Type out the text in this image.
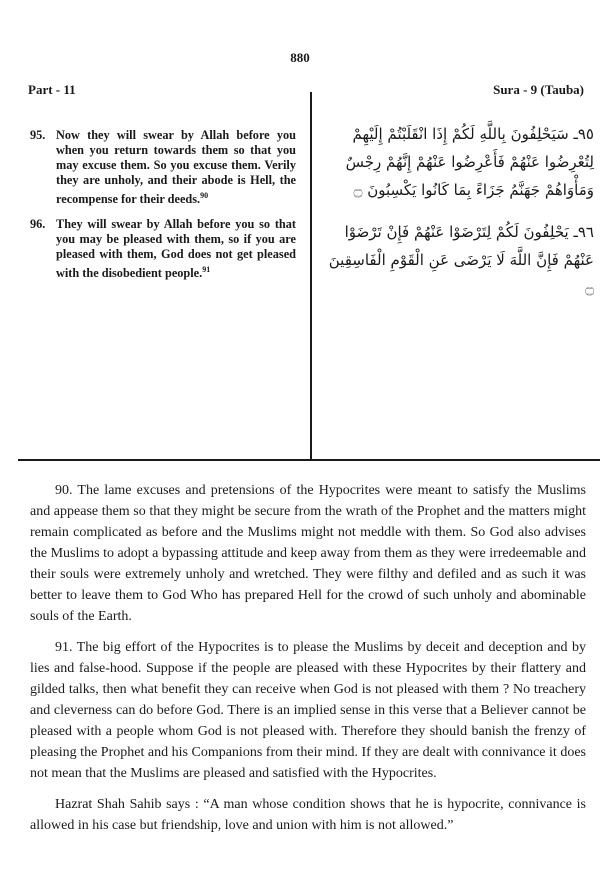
880
Part - 11	Sura - 9 (Tauba)
95. Now they will swear by Allah before you when you return towards them so that you may excuse them. So you excuse them. Verily they are unholy, and their abode is Hell, the recompense for their deeds.$^{90}$
96. They will swear by Allah before you so that you may be pleased with them, so if you are pleased with them, God does not get pleased with the disobedient people.$^{91}$
٩٥ـ سَيَحْلِفُونَ بِاللَّهِ لَكُمْ إِذَا انْقَلَبْتُمْ إِلَيْهِمْ لِتُعْرِضُوا عَنْهُمْ فَأَعْرِضُوا عَنْهُمْ إِنَّهُمْ رِجْسٌ وَمَأْوَاهُمْ جَهَنَّمُ جَزَاءً بِمَا كَانُوا يَكْسِبُونَ ۝
٩٦ـ يَحْلِفُونَ لَكُمْ لِتَرْضَوْا عَنْهُمْ فَإِنْ تَرْضَوْا عَنْهُمْ فَإِنَّ اللَّهَ لَا يَرْضَى عَنِ الْقَوْمِ الْفَاسِقِينَ ۝

90. The lame excuses and pretensions of the Hypocrites were meant to satisfy the Muslims and appease them so that they might be secure from the wrath of the Prophet and the matters might remain complicated as before and the Muslims might not meddle with them. So God also advises the Muslims to adopt a bypassing attitude and keep away from them as they were irredeemable and their souls were extremely unholy and wretched. They were filthy and defiled and as such it was better to leave them to God Who has prepared Hell for the crowd of such unholy and abominable souls of the Earth.

91. The big effort of the Hypocrites is to please the Muslims by deceit and deception and by lies and false-hood. Suppose if the people are pleased with these Hypocrites by their flattery and gilded talks, then what benefit they can receive when God is not pleased with them ? No treachery and cleverness can do before God. There is an implied sense in this verse that a Believer cannot be pleased with a people whom God is not pleased with. Therefore they should banish the frenzy of pleasing the Prophet and his Companions from their mind. If they are dealt with connivance it does not mean that the Muslims are pleased and satisfied with the Hypocrites.

Hazrat Shah Sahib says : “A man whose condition shows that he is hypocrite, connivance is allowed in his case but friendship, love and union with him is not allowed.”
